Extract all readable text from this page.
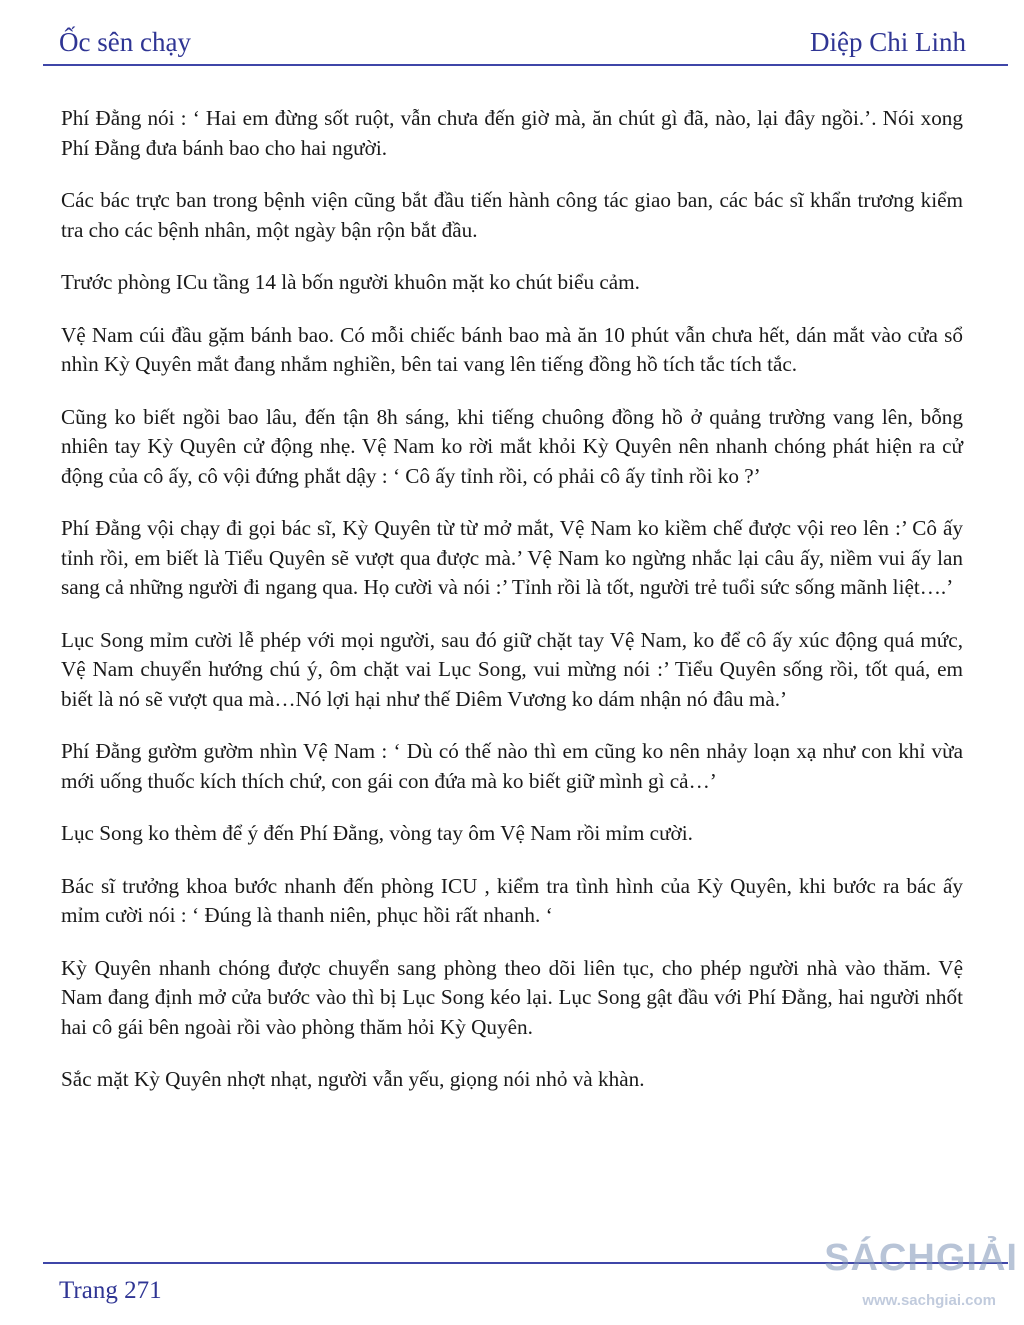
Ốc sên chạy	Diệp Chi Linh

Phí Đằng nói : ‘ Hai em đừng sốt ruột, vẫn chưa đến giờ mà, ăn chút gì đã, nào, lại đây ngồi.’. Nói xong Phí Đằng đưa bánh bao cho hai người.

Các bác trực ban trong bệnh viện cũng bắt đầu tiến hành công tác giao ban, các bác sĩ khẩn trương kiểm tra cho các bệnh nhân, một ngày bận rộn bắt đầu.

Trước phòng ICu tầng 14 là bốn người khuôn mặt ko chút biểu cảm.

Vệ Nam cúi đầu gặm bánh bao. Có mỗi chiếc bánh bao mà ăn 10 phút vẫn chưa hết, dán mắt vào cửa sổ nhìn Kỳ Quyên mắt đang nhắm nghiền, bên tai vang lên tiếng đồng hồ tích tắc tích tắc.

Cũng ko biết ngồi bao lâu, đến tận 8h sáng, khi tiếng chuông đồng hồ ở quảng trường vang lên, bỗng nhiên tay Kỳ Quyên cử động nhẹ. Vệ Nam ko rời mắt khỏi Kỳ Quyên nên nhanh chóng phát hiện ra cử động của cô ấy, cô vội đứng phắt dậy : ‘ Cô ấy tỉnh rồi, có phải cô ấy tỉnh rồi ko ?’

Phí Đằng vội chạy đi gọi bác sĩ, Kỳ Quyên từ từ mở mắt, Vệ Nam ko kiềm chế được vội reo lên :’ Cô ấy tỉnh rồi, em biết là Tiểu Quyên sẽ vượt qua được mà.’ Vệ Nam ko ngừng nhắc lại câu ấy, niềm vui ấy lan sang cả những người đi ngang qua. Họ cười và nói :’ Tỉnh rồi là tốt, người trẻ tuổi sức sống mãnh liệt….’

Lục Song mỉm cười lễ phép với mọi người, sau đó giữ chặt tay Vệ Nam, ko để cô ấy xúc động quá mức, Vệ Nam chuyển hướng chú ý, ôm chặt vai Lục Song, vui mừng nói :’ Tiểu Quyên sống rồi, tốt quá, em biết là nó sẽ vượt qua mà…Nó lợi hại như thế Diêm Vương ko dám nhận nó đâu mà.’

Phí Đằng gườm gườm nhìn Vệ Nam : ‘ Dù có thế nào thì em cũng ko nên nhảy loạn xạ như con khỉ vừa mới uống thuốc kích thích chứ, con gái con đứa mà ko biết giữ mình gì cả…’

Lục Song ko thèm để ý đến Phí Đằng, vòng tay ôm Vệ Nam rồi mỉm cười.

Bác sĩ trưởng khoa bước nhanh đến phòng ICU , kiểm tra tình hình của Kỳ Quyên, khi bước ra bác ấy mỉm cười nói : ‘ Đúng là thanh niên, phục hồi rất nhanh. ‘

Kỳ Quyên nhanh chóng được chuyển sang phòng theo dõi liên tục, cho phép người nhà vào thăm. Vệ Nam đang định mở cửa bước vào thì bị Lục Song kéo lại. Lục Song gật đầu với Phí Đằng, hai người nhốt hai cô gái bên ngoài rồi vào phòng thăm hỏi Kỳ Quyên.

Sắc mặt Kỳ Quyên nhợt nhạt, người vẫn yếu, giọng nói nhỏ và khàn.

Trang 271
SÁCHGIẢI
www.sachgiai.com
